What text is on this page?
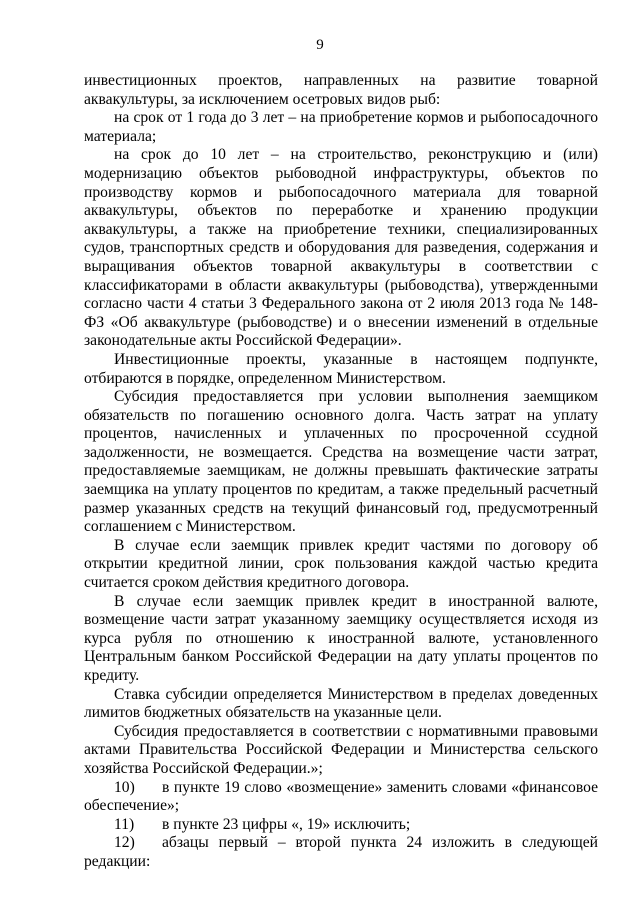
9

инвестиционных проектов, направленных на развитие товарной аквакультуры, за исключением осетровых видов рыб:

на срок от 1 года до 3 лет – на приобретение кормов и рыбопосадочного материала;

на срок до 10 лет – на строительство, реконструкцию и (или) модернизацию объектов рыбоводной инфраструктуры, объектов по производству кормов и рыбопосадочного материала для товарной аквакультуры, объектов по переработке и хранению продукции аквакультуры, а также на приобретение техники, специализированных судов, транспортных средств и оборудования для разведения, содержания и выращивания объектов товарной аквакультуры в соответствии с классификаторами в области аквакультуры (рыбоводства), утвержденными согласно части 4 статьи 3 Федерального закона от 2 июля 2013 года № 148-ФЗ «Об аквакультуре (рыбоводстве) и о внесении изменений в отдельные законодательные акты Российской Федерации».

Инвестиционные проекты, указанные в настоящем подпункте, отбираются в порядке, определенном Министерством.

Субсидия предоставляется при условии выполнения заемщиком обязательств по погашению основного долга. Часть затрат на уплату процентов, начисленных и уплаченных по просроченной ссудной задолженности, не возмещается. Средства на возмещение части затрат, предоставляемые заемщикам, не должны превышать фактические затраты заемщика на уплату процентов по кредитам, а также предельный расчетный размер указанных средств на текущий финансовый год, предусмотренный соглашением с Министерством.

В случае если заемщик привлек кредит частями по договору об открытии кредитной линии, срок пользования каждой частью кредита считается сроком действия кредитного договора.

В случае если заемщик привлек кредит в иностранной валюте, возмещение части затрат указанному заемщику осуществляется исходя из курса рубля по отношению к иностранной валюте, установленного Центральным банком Российской Федерации на дату уплаты процентов по кредиту.

Ставка субсидии определяется Министерством в пределах доведенных лимитов бюджетных обязательств на указанные цели.

Субсидия предоставляется в соответствии с нормативными правовыми актами Правительства Российской Федерации и Министерства сельского хозяйства Российской Федерации.»;

10) в пункте 19 слово «возмещение» заменить словами «финансовое обеспечение»;

11) в пункте 23 цифры «, 19» исключить;

12) абзацы первый – второй пункта 24 изложить в следующей редакции:
